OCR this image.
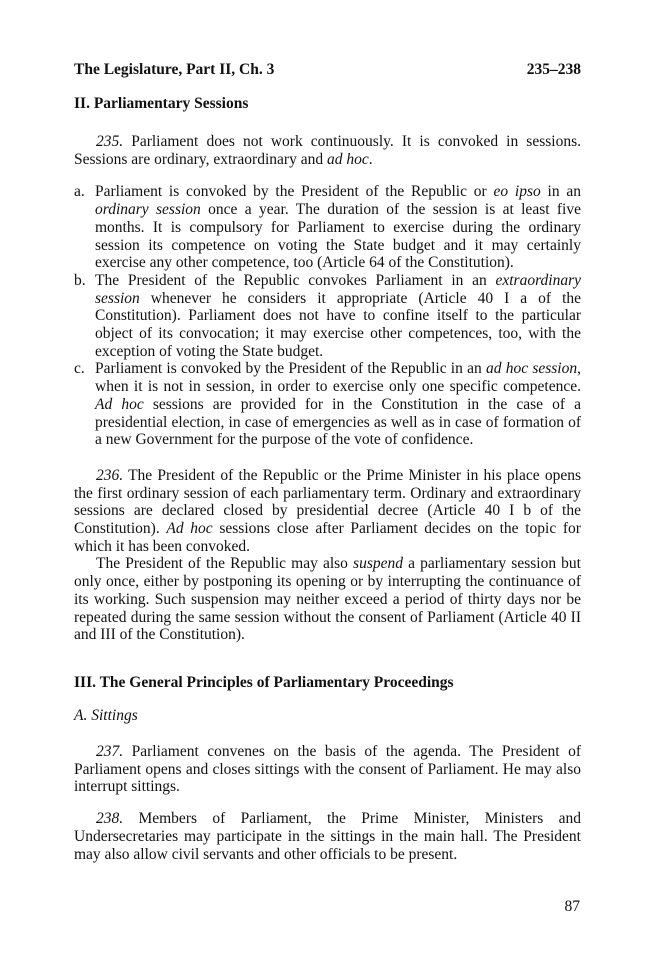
The Legislature, Part II, Ch. 3	235–238
II. Parliamentary Sessions

235. Parliament does not work continuously. It is convoked in sessions. Sessions are ordinary, extraordinary and ad hoc.

a. Parliament is convoked by the President of the Republic or eo ipso in an ordinary session once a year. The duration of the session is at least five months. It is compulsory for Parliament to exercise during the ordinary session its competence on voting the State budget and it may certainly exercise any other competence, too (Article 64 of the Constitution).
b. The President of the Republic convokes Parliament in an extraordinary session whenever he considers it appropriate (Article 40 I a of the Constitution). Parliament does not have to confine itself to the particular object of its convocation; it may exercise other competences, too, with the exception of voting the State budget.
c. Parliament is convoked by the President of the Republic in an ad hoc session, when it is not in session, in order to exercise only one specific competence. Ad hoc sessions are provided for in the Constitution in the case of a presidential election, in case of emergencies as well as in case of formation of a new Government for the purpose of the vote of confidence.

236. The President of the Republic or the Prime Minister in his place opens the first ordinary session of each parliamentary term. Ordinary and extraordinary sessions are declared closed by presidential decree (Article 40 I b of the Constitution). Ad hoc sessions close after Parliament decides on the topic for which it has been convoked.

The President of the Republic may also suspend a parliamentary session but only once, either by postponing its opening or by interrupting the continuance of its working. Such suspension may neither exceed a period of thirty days nor be repeated during the same session without the consent of Parliament (Article 40 II and III of the Constitution).

III. The General Principles of Parliamentary Proceedings
A. Sittings

237. Parliament convenes on the basis of the agenda. The President of Parliament opens and closes sittings with the consent of Parliament. He may also interrupt sittings.

238. Members of Parliament, the Prime Minister, Ministers and Undersecretaries may participate in the sittings in the main hall. The President may also allow civil servants and other officials to be present.

87
